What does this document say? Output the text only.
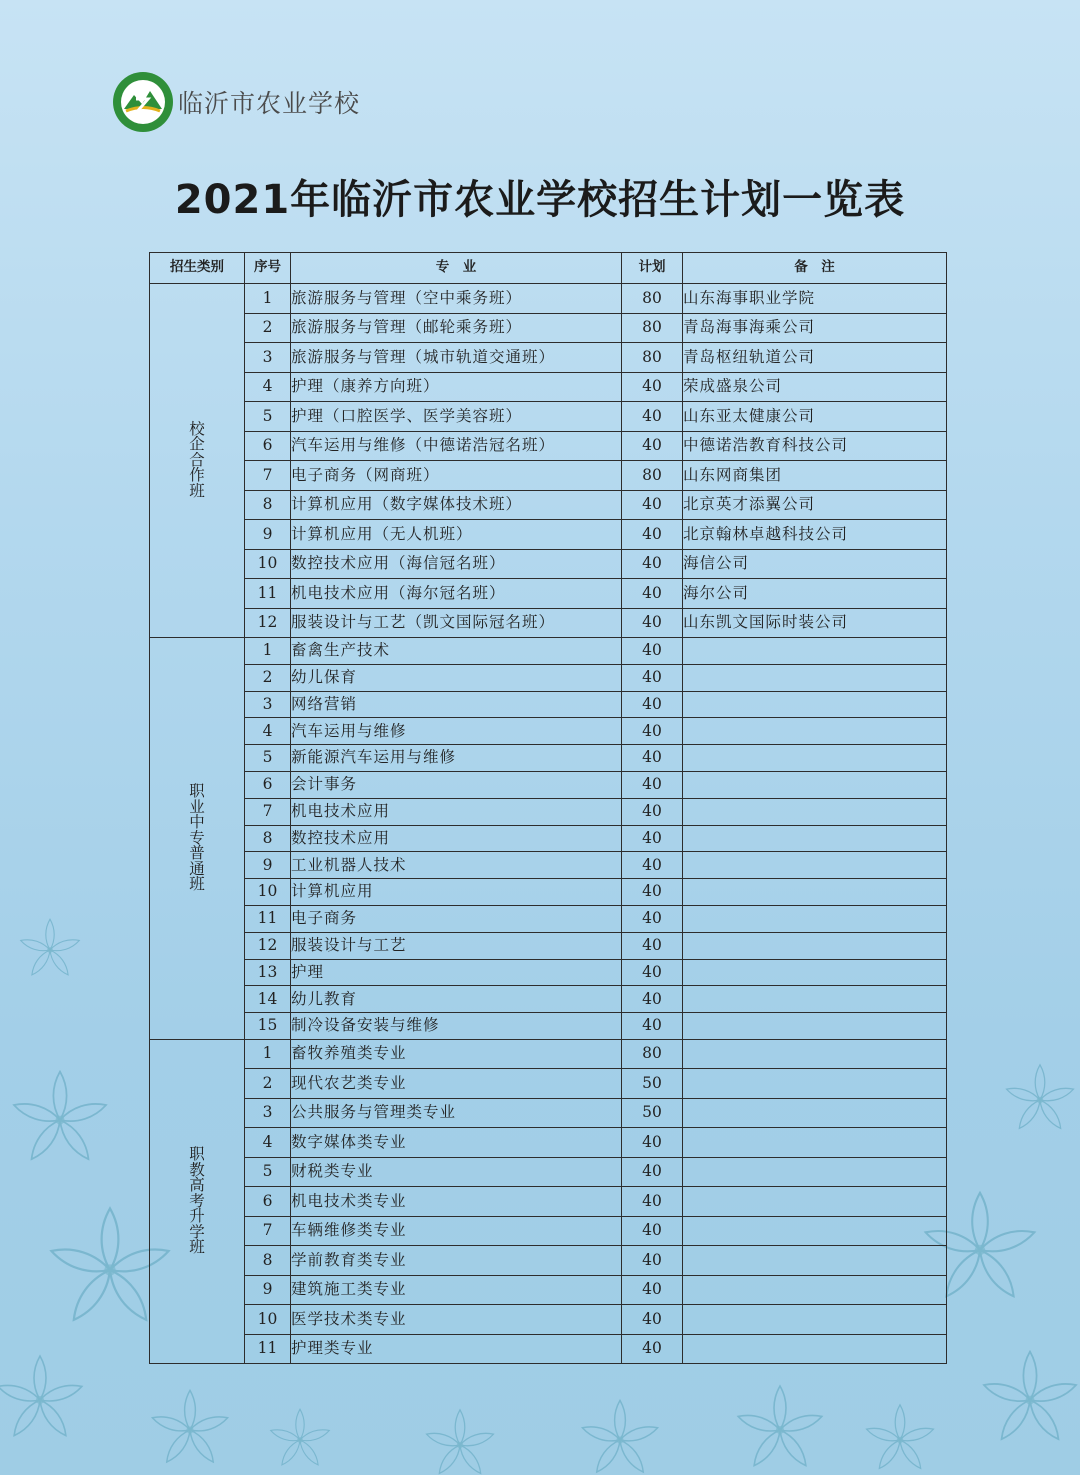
临沂市农业学校
2021年临沂市农业学校招生计划一览表
招生类别	序号	专　业	计划	备　注
校企合作班	1	旅游服务与管理（空中乘务班）	80	山东海事职业学院
	2	旅游服务与管理（邮轮乘务班）	80	青岛海事海乘公司
	3	旅游服务与管理（城市轨道交通班）	80	青岛枢纽轨道公司
	4	护理（康养方向班）	40	荣成盛泉公司
	5	护理（口腔医学、医学美容班）	40	山东亚太健康公司
	6	汽车运用与维修（中德诺浩冠名班）	40	中德诺浩教育科技公司
	7	电子商务（网商班）	80	山东网商集团
	8	计算机应用（数字媒体技术班）	40	北京英才添翼公司
	9	计算机应用（无人机班）	40	北京翰林卓越科技公司
	10	数控技术应用（海信冠名班）	40	海信公司
	11	机电技术应用（海尔冠名班）	40	海尔公司
	12	服装设计与工艺（凯文国际冠名班）	40	山东凯文国际时装公司
职业中专普通班	1	畜禽生产技术	40	
	2	幼儿保育	40	
	3	网络营销	40	
	4	汽车运用与维修	40	
	5	新能源汽车运用与维修	40	
	6	会计事务	40	
	7	机电技术应用	40	
	8	数控技术应用	40	
	9	工业机器人技术	40	
	10	计算机应用	40	
	11	电子商务	40	
	12	服装设计与工艺	40	
	13	护理	40	
	14	幼儿教育	40	
	15	制冷设备安装与维修	40	
职教高考升学班	1	畜牧养殖类专业	80	
	2	现代农艺类专业	50	
	3	公共服务与管理类专业	50	
	4	数字媒体类专业	40	
	5	财税类专业	40	
	6	机电技术类专业	40	
	7	车辆维修类专业	40	
	8	学前教育类专业	40	
	9	建筑施工类专业	40	
	10	医学技术类专业	40	
	11	护理类专业	40	
